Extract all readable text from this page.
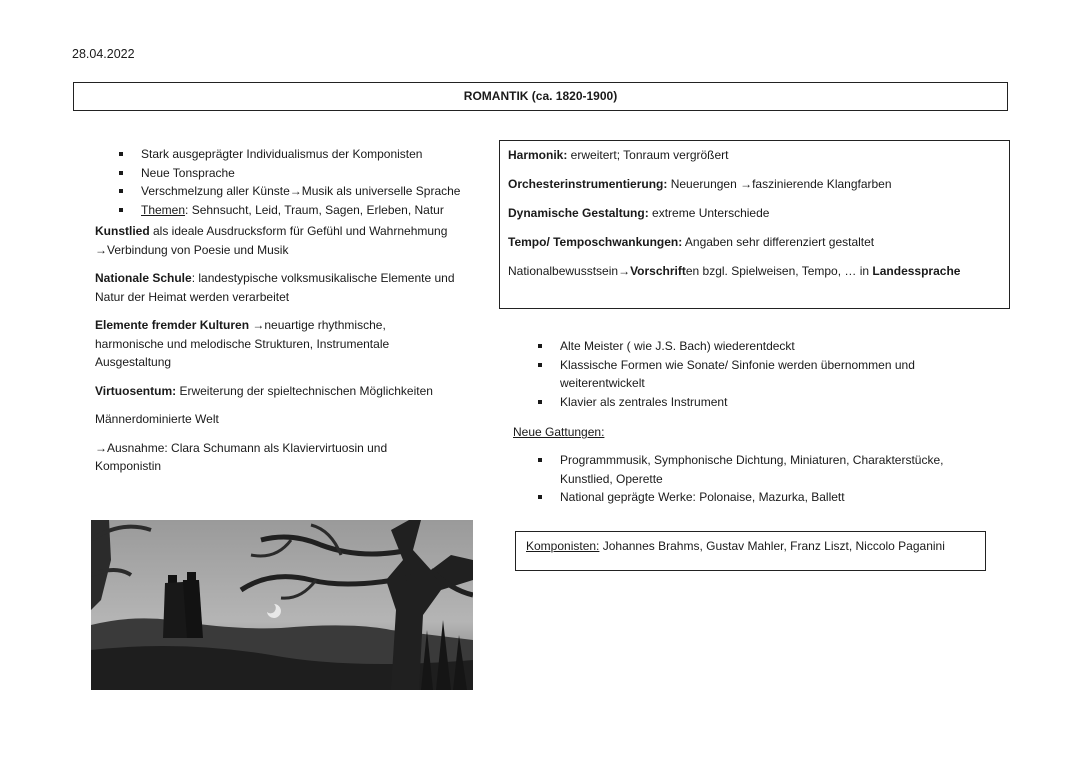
28.04.2022
ROMANTIK (ca. 1820-1900)
Stark ausgeprägter Individualismus der Komponisten
Neue Tonsprache
Verschmelzung aller Künste→Musik als universelle Sprache
Themen: Sehnsucht, Leid, Traum, Sagen, Erleben, Natur

Kunstlied als ideale Ausdrucksform für Gefühl und Wahrnehmung
→Verbindung von Poesie und Musik

Nationale Schule: landestypische volksmusikalische Elemente und Natur der Heimat werden verarbeitet

Elemente fremder Kulturen →neuartige rhythmische, harmonische und melodische Strukturen, Instrumentale Ausgestaltung

Virtuosentum: Erweiterung der spieltechnischen Möglichkeiten

Männerdominierte Welt

→Ausnahme: Clara Schumann als Klaviervirtuosin und Komponistin

Harmonik: erweitert; Tonraum vergrößert
Orchesterinstrumentierung: Neuerungen →faszinierende Klangfarben
Dynamische Gestaltung: extreme Unterschiede
Tempo/ Temposchwankungen: Angaben sehr differenziert gestaltet
Nationalbewusstsein→Vorschriften bzgl. Spielweisen, Tempo, … in Landessprache
Alte Meister ( wie J.S. Bach) wiederentdeckt
Klassische Formen wie Sonate/ Sinfonie werden übernommen und weiterentwickelt
Klavier als zentrales Instrument
Neue Gattungen:
Programmmusik, Symphonische Dichtung, Miniaturen, Charakterstücke, Kunstlied, Operette
National geprägte Werke: Polonaise, Mazurka, Ballett
Komponisten: Johannes Brahms, Gustav Mahler, Franz Liszt, Niccolo Paganini
